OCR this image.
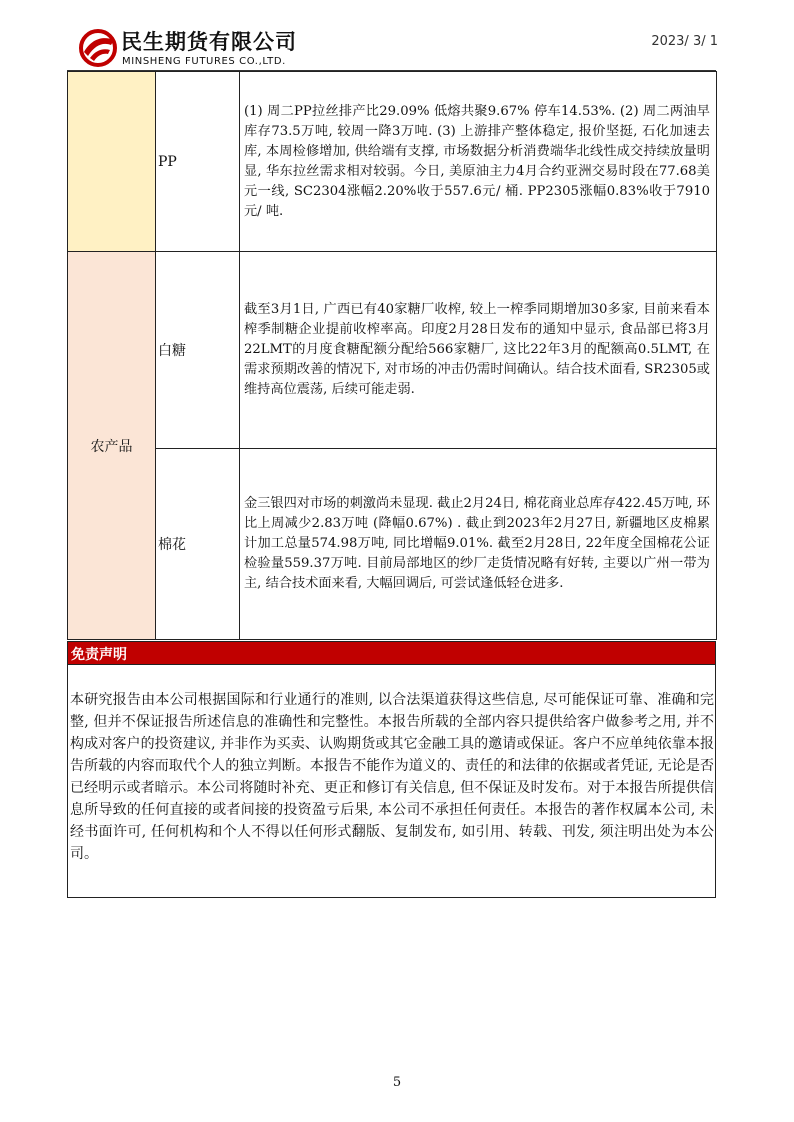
民生期货有限公司
MINSHENG FUTURES CO.,LTD.
2023/ 3/ 1
	PP	(1) 周二PP拉丝排产比29.09% 低熔共聚9.67% 停车14.53%. (2) 周二两油早库存73.5万吨, 较周一降3万吨. (3) 上游排产整体稳定, 报价坚挺, 石化加速去库, 本周检修增加, 供给端有支撑, 市场数据分析消费端华北线性成交持续放量明显, 华东拉丝需求相对较弱。今日, 美原油主力4月合约亚洲交易时段在77.68美元一线, SC2304涨幅2.20%收于557.6元/ 桶. PP2305涨幅0.83%收于7910元/ 吨.
农产品	白糖	截至3月1日, 广西已有40家糖厂收榨, 较上一榨季同期增加30多家, 目前来看本榨季制糖企业提前收榨率高。印度2月28日发布的通知中显示, 食品部已将3月22LMT的月度食糖配额分配给566家糖厂, 这比22年3月的配额高0.5LMT, 在需求预期改善的情况下, 对市场的冲击仍需时间确认。结合技术面看, SR2305或维持高位震荡, 后续可能走弱.
	棉花	金三银四对市场的刺激尚未显现. 截止2月24日, 棉花商业总库存422.45万吨, 环比上周减少2.83万吨 (降幅0.67%) . 截止到2023年2月27日, 新疆地区皮棉累计加工总量574.98万吨, 同比增幅9.01%. 截至2月28日, 22年度全国棉花公证检验量559.37万吨. 目前局部地区的纱厂走货情况略有好转, 主要以广州一带为主, 结合技术面来看, 大幅回调后, 可尝试逢低轻仓进多.
免责声明
本研究报告由本公司根据国际和行业通行的准则, 以合法渠道获得这些信息, 尽可能保证可靠、准确和完整, 但并不保证报告所述信息的准确性和完整性。本报告所载的全部内容只提供给客户做参考之用, 并不构成对客户的投资建议, 并非作为买卖、认购期货或其它金融工具的邀请或保证。客户不应单纯依靠本报告所载的内容而取代个人的独立判断。本报告不能作为道义的、责任的和法律的依据或者凭证, 无论是否已经明示或者暗示。本公司将随时补充、更正和修订有关信息, 但不保证及时发布。对于本报告所提供信息所导致的任何直接的或者间接的投资盈亏后果, 本公司不承担任何责任。本报告的著作权属本公司, 未经书面许可, 任何机构和个人不得以任何形式翻版、复制发布, 如引用、转载、刊发, 须注明出处为本公司。
5
